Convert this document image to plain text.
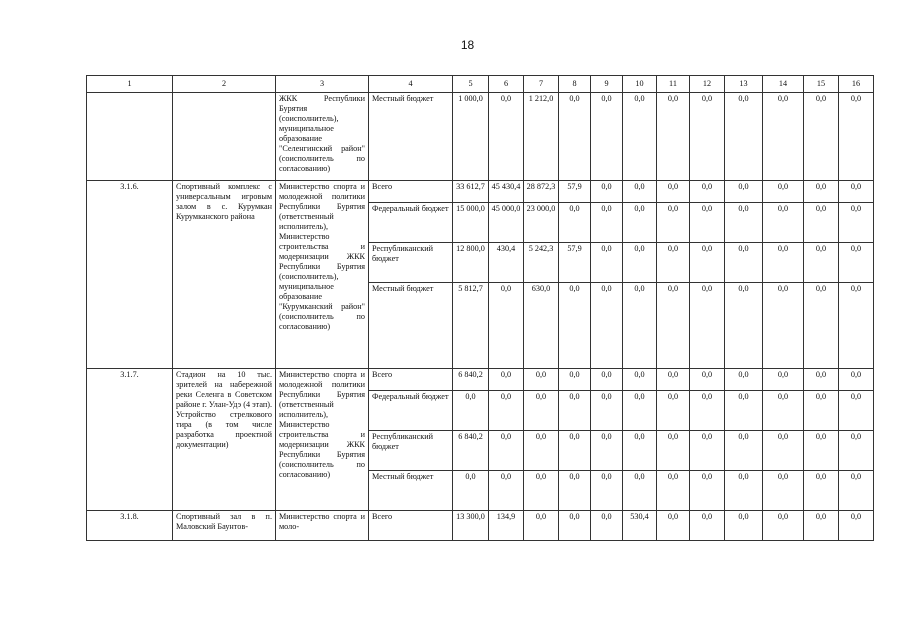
18
1	2	3	4	5	6	7	8	9	10	11	12	13	14	15	16
		ЖКК Республики Бурятия (соисполнитель), муниципальное образование "Селенгинский район" (соисполнитель по согласованию)	Местный бюджет	1 000,0	0,0	1 212,0	0,0	0,0	0,0	0,0	0,0	0,0	0,0	0,0	0,0
3.1.6.	Спортивный комплекс с универсальным игровым залом в с. Курумкан Курумканского района	Министерство спорта и молодежной политики Республики Бурятия (ответственный исполнитель), Министерство строительства и модернизации ЖКК Республики Бурятия (соисполнитель), муниципальное образование "Курумканский район" (соисполнитель по согласованию)	Всего	33 612,7	45 430,4	28 872,3	57,9	0,0	0,0	0,0	0,0	0,0	0,0	0,0	0,0
			Федеральный бюджет	15 000,0	45 000,0	23 000,0	0,0	0,0	0,0	0,0	0,0	0,0	0,0	0,0	0,0
			Республиканский бюджет	12 800,0	430,4	5 242,3	57,9	0,0	0,0	0,0	0,0	0,0	0,0	0,0	0,0
			Местный бюджет	5 812,7	0,0	630,0	0,0	0,0	0,0	0,0	0,0	0,0	0,0	0,0	0,0
3.1.7.	Стадион на 10 тыс. зрителей на набережной реки Селенга в Советском районе г. Улан-Удэ (4 этап). Устройство стрелкового тира (в том числе разработка проектной документации)	Министерство спорта и молодежной политики Республики Бурятия (ответственный исполнитель), Министерство строительства и модернизации ЖКК Республики Бурятия (соисполнитель по согласованию)	Всего	6 840,2	0,0	0,0	0,0	0,0	0,0	0,0	0,0	0,0	0,0	0,0	0,0
			Федеральный бюджет	0,0	0,0	0,0	0,0	0,0	0,0	0,0	0,0	0,0	0,0	0,0	0,0
			Республиканский бюджет	6 840,2	0,0	0,0	0,0	0,0	0,0	0,0	0,0	0,0	0,0	0,0	0,0
			Местный бюджет	0,0	0,0	0,0	0,0	0,0	0,0	0,0	0,0	0,0	0,0	0,0	0,0
3.1.8.	Спортивный зал в п. Маловский Баунтов-	Министерство спорта и моло-	Всего	13 300,0	134,9	0,0	0,0	0,0	530,4	0,0	0,0	0,0	0,0	0,0	0,0
